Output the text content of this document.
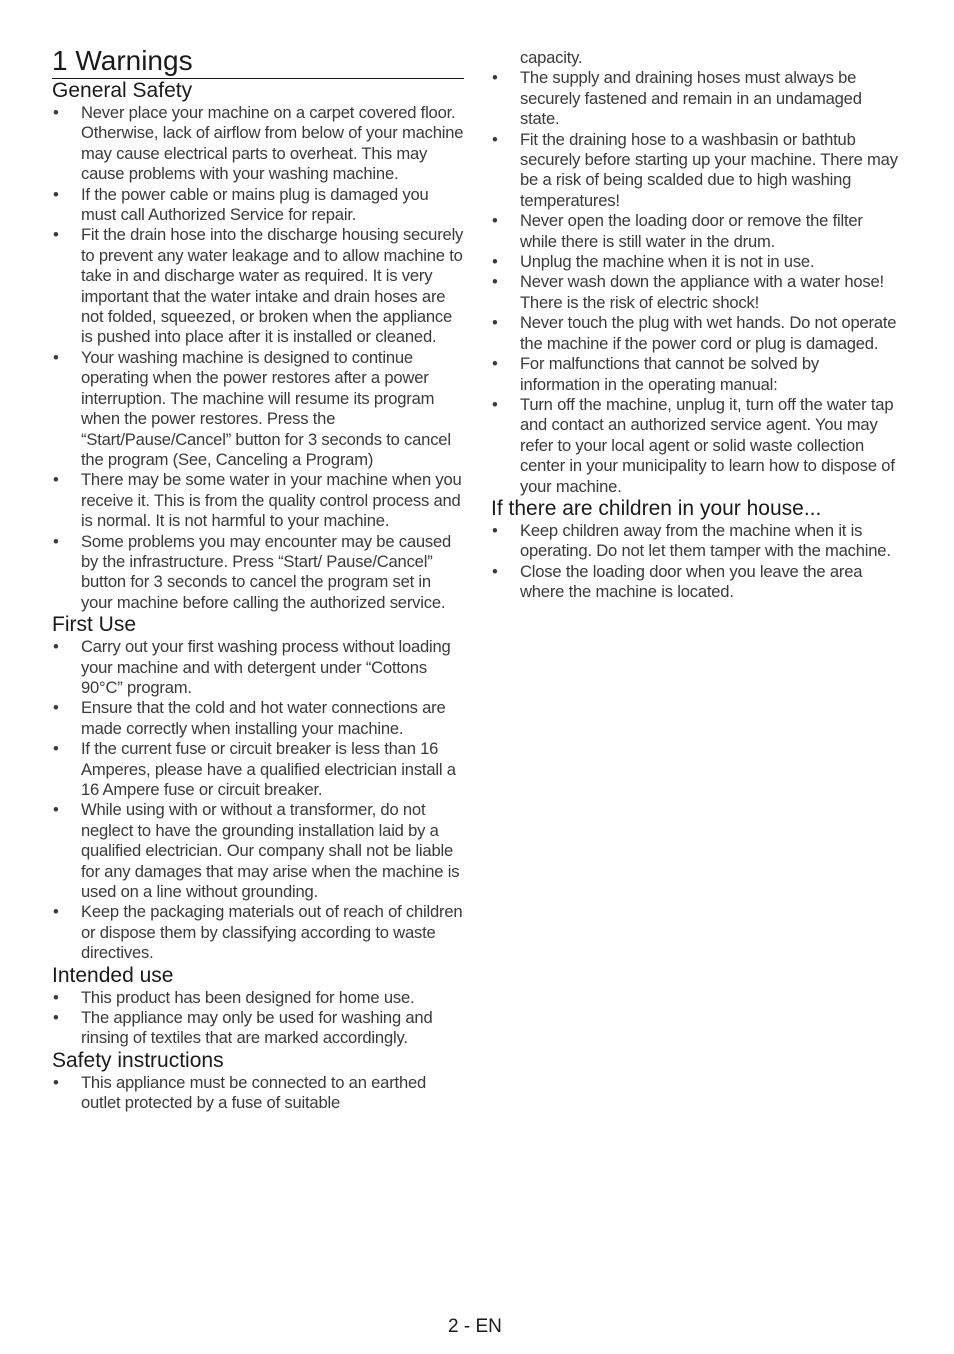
1 Warnings
General Safety
• Never place your machine on a carpet covered floor. Otherwise, lack of airflow from below of your machine may cause electrical parts to overheat. This may cause problems with your washing machine.
• If the power cable or mains plug is damaged you must call Authorized Service for repair.
• Fit the drain hose into the discharge housing securely to prevent any water leakage and to allow machine to take in and discharge water as required. It is very important that the water intake and drain hoses are not folded, squeezed, or broken when the appliance is pushed into place after it is installed or cleaned.
• Your washing machine is designed to continue operating when the power restores after a power interruption. The machine will resume its program when the power restores. Press the “Start/Pause/Cancel” button for 3 seconds to cancel the program (See, Canceling a Program)
• There may be some water in your machine when you receive it. This is from the quality control process and is normal. It is not harmful to your machine.
• Some problems you may encounter may be caused by the infrastructure. Press “Start/ Pause/Cancel” button for 3 seconds to cancel the program set in your machine before calling the authorized service.
First Use
• Carry out your first washing process without loading your machine and with detergent under “Cottons 90°C” program.
• Ensure that the cold and hot water connections are made correctly when installing your machine.
• If the current fuse or circuit breaker is less than 16 Amperes, please have a qualified electrician install a 16 Ampere fuse or circuit breaker.
• While using with or without a transformer, do not neglect to have the grounding installation laid by a qualified electrician. Our company shall not be liable for any damages that may arise when the machine is used on a line without grounding.
• Keep the packaging materials out of reach of children or dispose them by classifying according to waste directives.
Intended use
• This product has been designed for home use.
• The appliance may only be used for washing and rinsing of textiles that are marked accordingly.
Safety instructions
• This appliance must be connected to an earthed outlet protected by a fuse of suitable
capacity.
• The supply and draining hoses must always be securely fastened and remain in an undamaged state.
• Fit the draining hose to a washbasin or bathtub securely before starting up your machine. There may be a risk of being scalded due to high washing temperatures!
• Never open the loading door or remove the filter while there is still water in the drum.
• Unplug the machine when it is not in use.
• Never wash down the appliance with a water hose! There is the risk of electric shock!
• Never touch the plug with wet hands. Do not operate the machine if the power cord or plug is damaged.
• For malfunctions that cannot be solved by information in the operating manual:
• Turn off the machine, unplug it, turn off the water tap and contact an authorized service agent. You may refer to your local agent or solid waste collection center in your municipality to learn how to dispose of your machine.
If there are children in your house...
• Keep children away from the machine when it is operating. Do not let them tamper with the machine.
• Close the loading door when you leave the area where the machine is located.
2 - EN
